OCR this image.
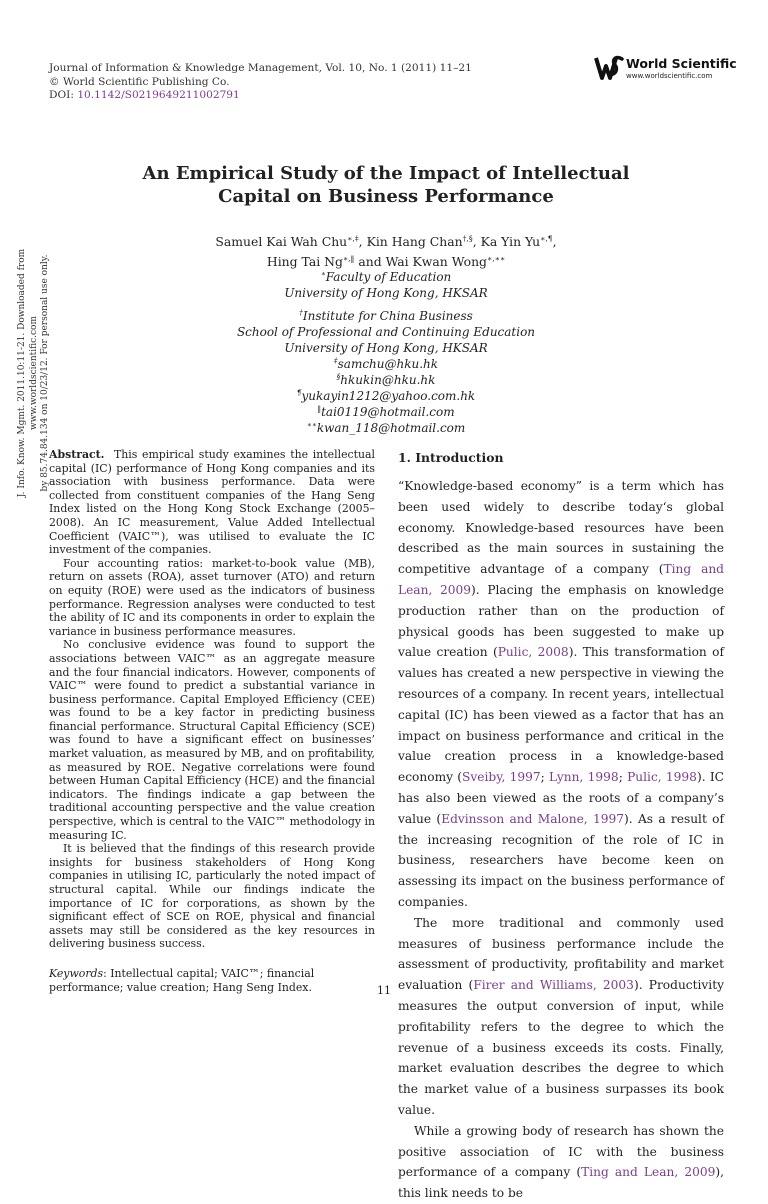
Journal of Information & Knowledge Management, Vol. 10, No. 1 (2011) 11–21
© World Scientific Publishing Co.
DOI: 10.1142/S0219649211002791
World Scientific
www.worldscientific.com
An Empirical Study of the Impact of Intellectual
Capital on Business Performance
Samuel Kai Wah Chu∗,‡, Kin Hang Chan†,§, Ka Yin Yu∗,¶,
Hing Tai Ng∗,‖ and Wai Kwan Wong∗,∗∗
∗Faculty of Education
University of Hong Kong, HKSAR
†Institute for China Business
School of Professional and Continuing Education
University of Hong Kong, HKSAR
‡samchu@hku.hk
§hkukin@hku.hk
¶yukayin1212@yahoo.com.hk
‖tai0119@hotmail.com
∗∗kwan_118@hotmail.com
J. Info. Know. Mgmt. 2011.10:11-21. Downloaded from www.worldscientific.com by 85.74.84.134 on 10/23/12. For personal use only. Abstract. This empirical study examines the intellectual capital (IC) performance of Hong Kong companies and its association with business performance. Data were collected from constituent companies of the Hang Seng Index listed on the Hong Kong Stock Exchange (2005–2008). An IC measurement, Value Added Intellectual Coefficient (VAIC™), was utilised to evaluate the IC investment of the companies.

Four accounting ratios: market-to-book value (MB), return on assets (ROA), asset turnover (ATO) and return on equity (ROE) were used as the indicators of business performance. Regression analyses were conducted to test the ability of IC and its components in order to explain the variance in business performance measures.

No conclusive evidence was found to support the associations between VAIC™ as an aggregate measure and the four financial indicators. However, components of VAIC™ were found to predict a substantial variance in business performance. Capital Employed Efficiency (CEE) was found to be a key factor in predicting business financial performance. Structural Capital Efficiency (SCE) was found to have a significant effect on businesses’ market valuation, as measured by MB, and on profitability, as measured by ROE. Negative correlations were found between Human Capital Efficiency (HCE) and the financial indicators. The findings indicate a gap between the traditional accounting perspective and the value creation perspective, which is central to the VAIC™ methodology in measuring IC.

It is believed that the findings of this research provide insights for business stakeholders of Hong Kong companies in utilising IC, particularly the noted impact of structural capital. While our findings indicate the importance of IC for corporations, as shown by the significant effect of SCE on ROE, physical and financial assets may still be considered as the key resources in delivering business success.

Keywords: Intellectual capital; VAIC™; financial performance; value creation; Hang Seng Index.

1. Introduction

“Knowledge-based economy” is a term which has been used widely to describe today‘s global economy. Knowledge-based resources have been described as the main sources in sustaining the competitive advantage of a company (Ting and Lean, 2009). Placing the emphasis on knowledge production rather than on the production of physical goods has been suggested to make up value creation (Pulic, 2008). This transformation of values has created a new perspective in viewing the resources of a company. In recent years, intellectual capital (IC) has been viewed as a factor that has an impact on business performance and critical in the value creation process in a knowledge-based economy (Sveiby, 1997; Lynn, 1998; Pulic, 1998). IC has also been viewed as the roots of a company’s value (Edvinsson and Malone, 1997). As a result of the increasing recognition of the role of IC in business, researchers have become keen on assessing its impact on the business performance of companies.

The more traditional and commonly used measures of business performance include the assessment of productivity, profitability and market evaluation (Firer and Williams, 2003). Productivity measures the output conversion of input, while profitability refers to the degree to which the revenue of a business exceeds its costs. Finally, market evaluation describes the degree to which the market value of a business surpasses its book value.

While a growing body of research has shown the positive association of IC with the business performance of a company (Ting and Lean, 2009), this link needs to be

11
